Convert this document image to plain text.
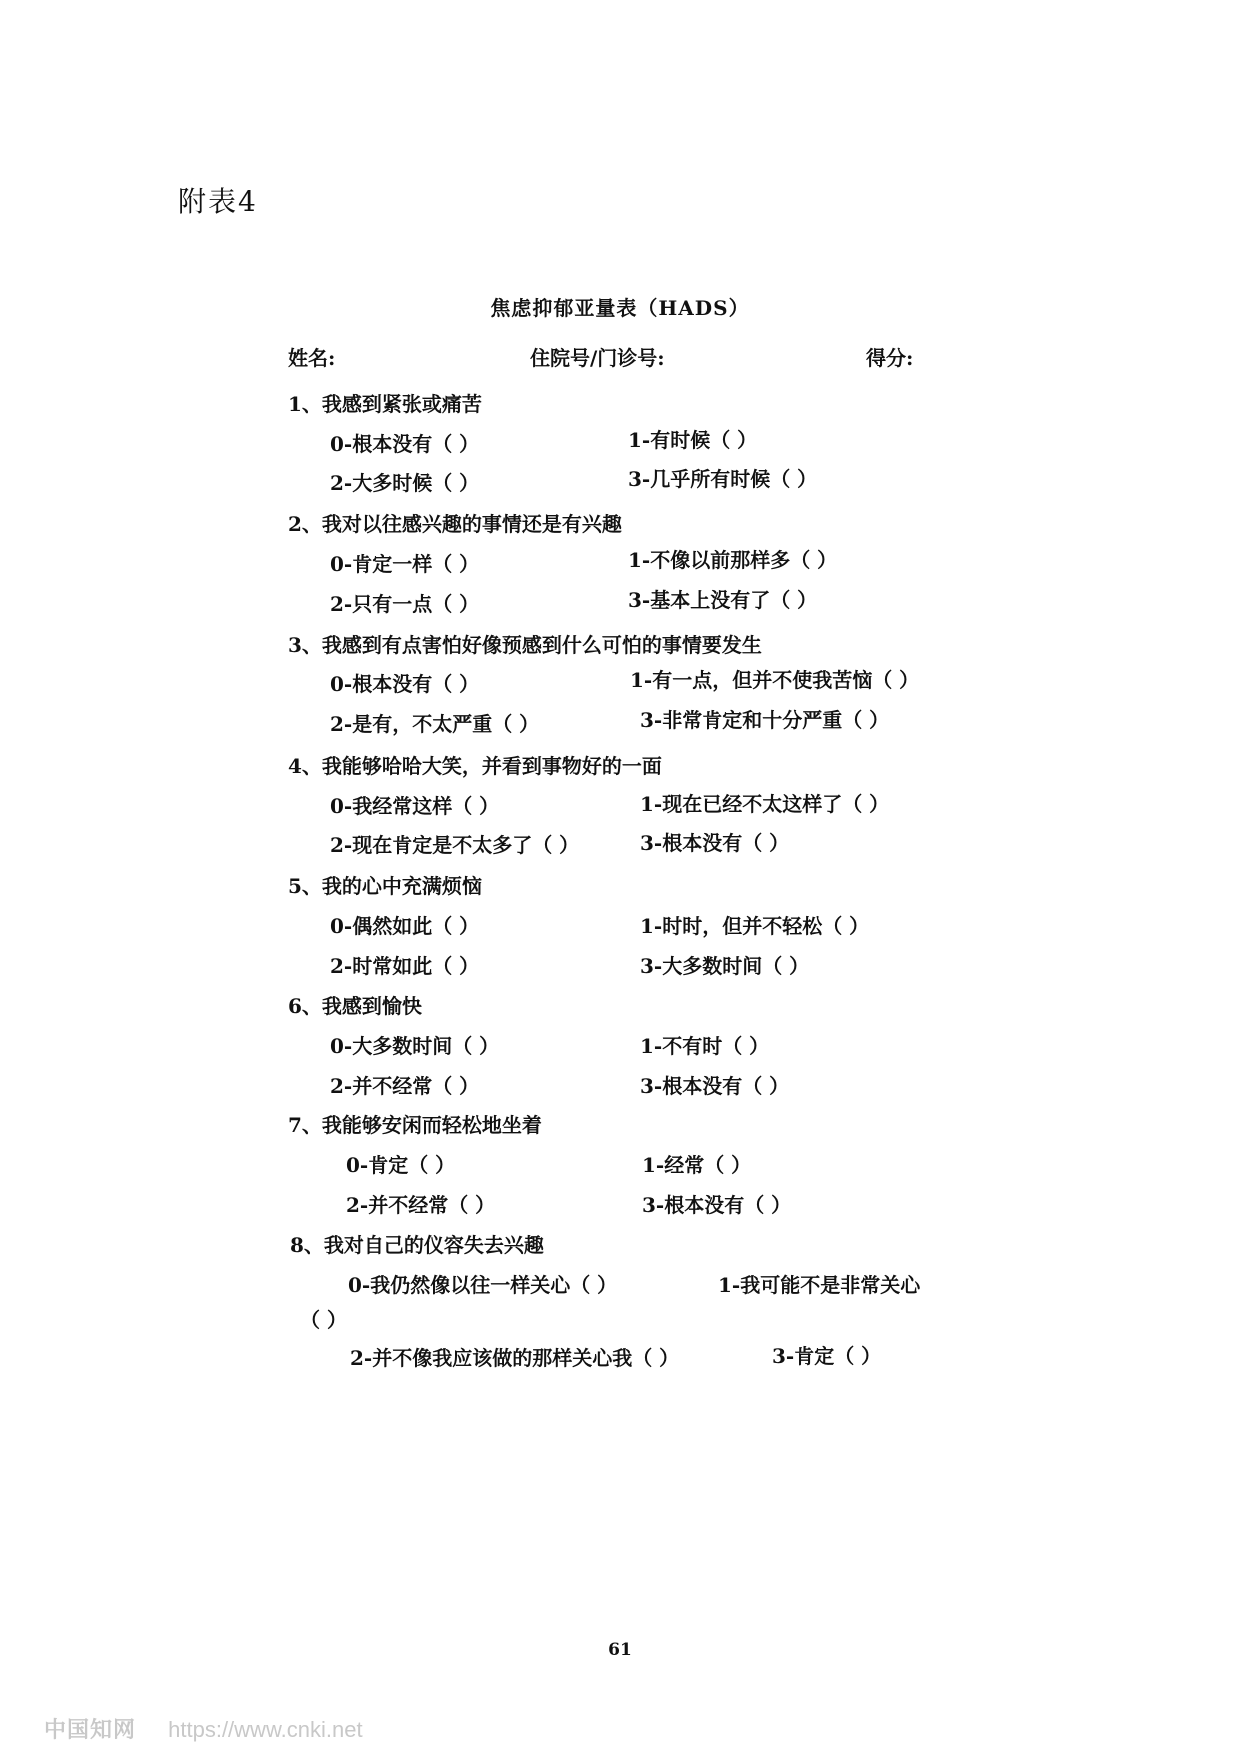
附表4
焦虑抑郁亚量表（HADS）
姓名:	住院号/门诊号:	得分:
1、我感到紧张或痛苦
0-根本没有（ ）	1-有时候（ ）
2-大多时候（ ）	3-几乎所有时候（ ）
2、我对以往感兴趣的事情还是有兴趣
0-肯定一样（ ）	1-不像以前那样多（ ）
2-只有一点（ ）	3-基本上没有了（ ）
3、我感到有点害怕好像预感到什么可怕的事情要发生
0-根本没有（ ）	1-有一点，但并不使我苦恼（ ）
2-是有，不太严重（ ）	3-非常肯定和十分严重（ ）
4、我能够哈哈大笑，并看到事物好的一面
0-我经常这样（ ）	1-现在已经不太这样了（ ）
2-现在肯定是不太多了（ ）	3-根本没有（ ）
5、我的心中充满烦恼
0-偶然如此（ ）	1-时时，但并不轻松（ ）
2-时常如此（ ）	3-大多数时间（ ）
6、我感到愉快
0-大多数时间（ ）	1-不有时（ ）
2-并不经常（ ）	3-根本没有（ ）
7、我能够安闲而轻松地坐着
0-肯定（ ）	1-经常（ ）
2-并不经常（ ）	3-根本没有（ ）
8、我对自己的仪容失去兴趣
0-我仍然像以往一样关心（ ）	1-我可能不是非常关心
（ ）
2-并不像我应该做的那样关心我（ ）	3-肯定（ ）
61
中国知网 https://www.cnki.net
